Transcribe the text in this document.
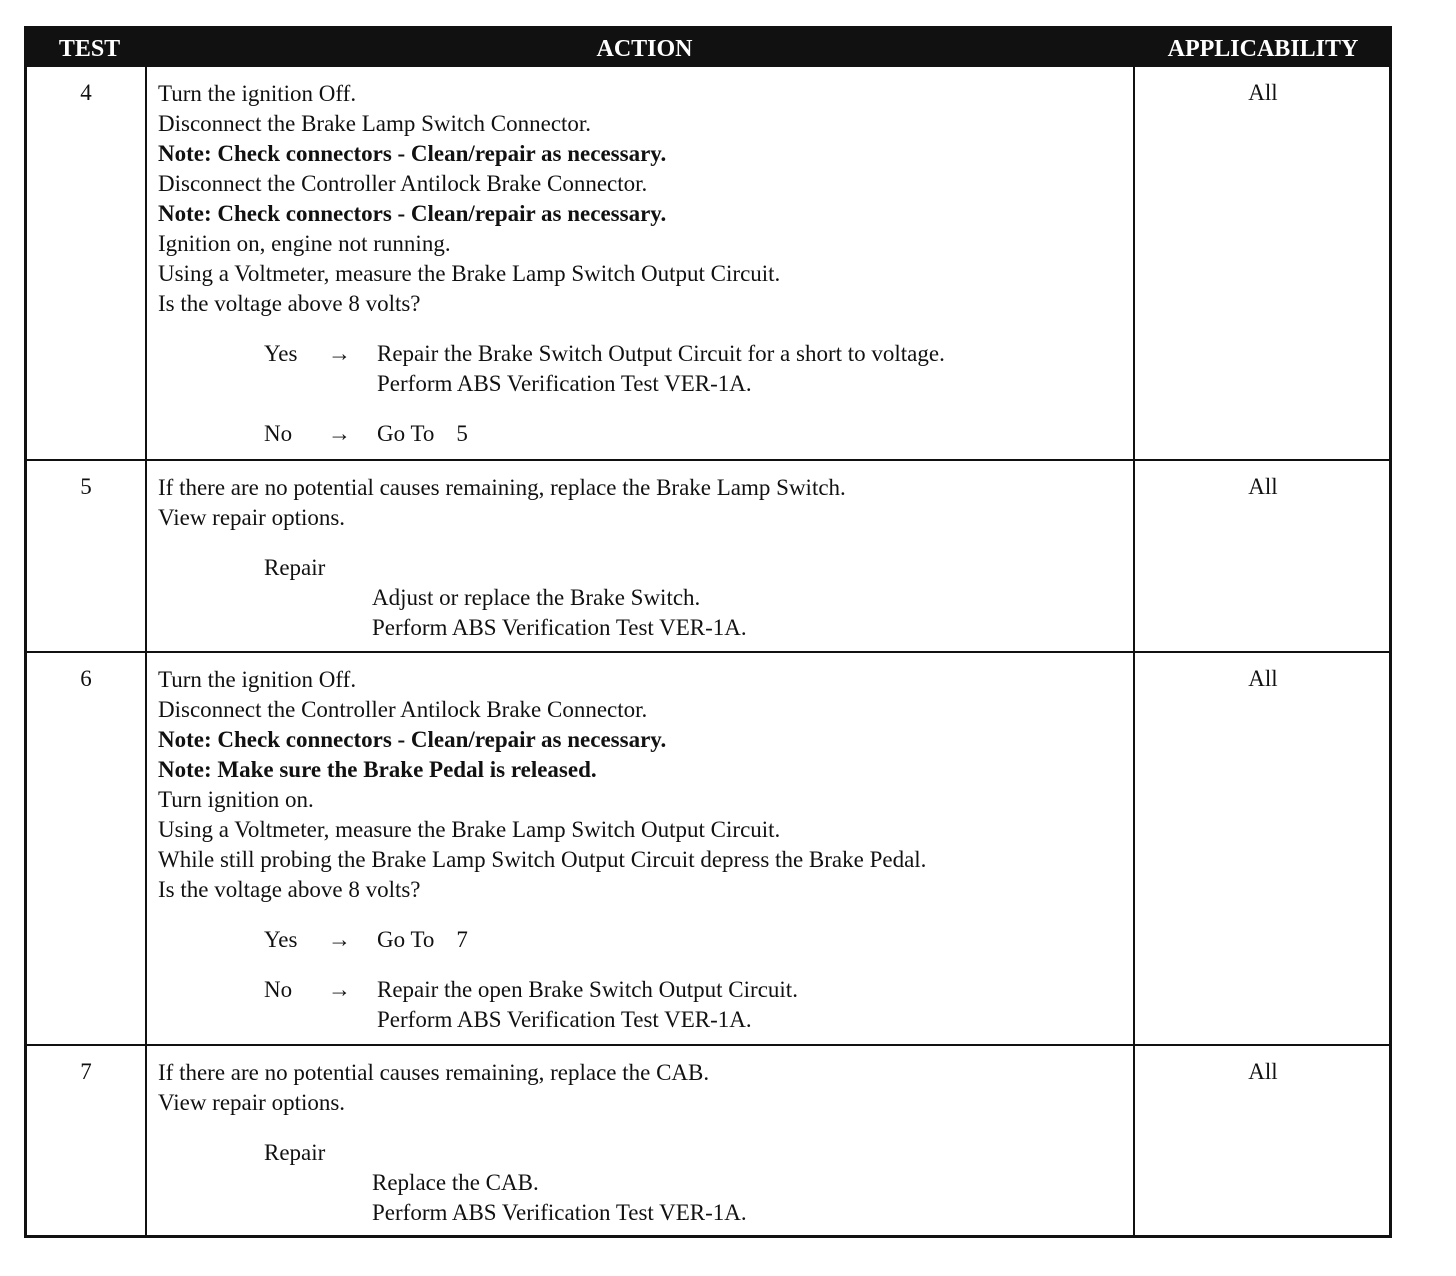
TEST	ACTION	APPLICABILITY
4	Turn the ignition Off.
Disconnect the Brake Lamp Switch Connector.
Note: Check connectors - Clean/repair as necessary.
Disconnect the Controller Antilock Brake Connector.
Note: Check connectors - Clean/repair as necessary.
Ignition on, engine not running.
Using a Voltmeter, measure the Brake Lamp Switch Output Circuit.
Is the voltage above 8 volts?
Yes → Repair the Brake Switch Output Circuit for a short to voltage.
Perform ABS Verification Test VER-1A.
No → Go To 5
All
5	If there are no potential causes remaining, replace the Brake Lamp Switch.
View repair options.
Repair
Adjust or replace the Brake Switch.
Perform ABS Verification Test VER-1A.
All
6	Turn the ignition Off.
Disconnect the Controller Antilock Brake Connector.
Note: Check connectors - Clean/repair as necessary.
Note: Make sure the Brake Pedal is released.
Turn ignition on.
Using a Voltmeter, measure the Brake Lamp Switch Output Circuit.
While still probing the Brake Lamp Switch Output Circuit depress the Brake Pedal.
Is the voltage above 8 volts?
Yes → Go To 7
No → Repair the open Brake Switch Output Circuit.
Perform ABS Verification Test VER-1A.
All
7	If there are no potential causes remaining, replace the CAB.
View repair options.
Repair
Replace the CAB.
Perform ABS Verification Test VER-1A.
All
